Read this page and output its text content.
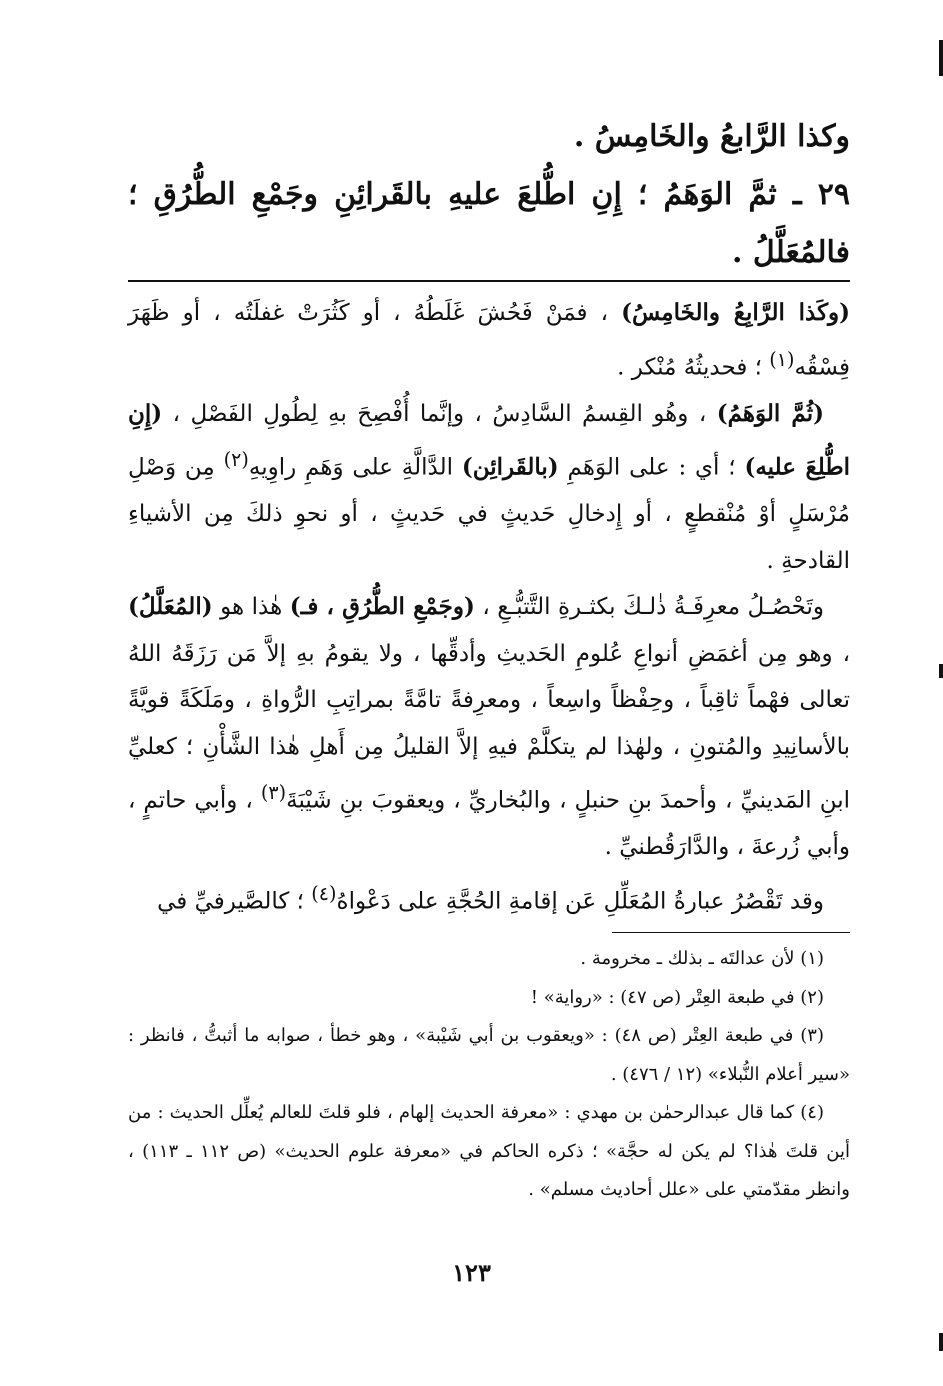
وكذا الرَّابعُ والخَامِسُ .

٢٩ ـ ثمَّ الوَهَمُ ؛ إِنِ اطُّلعَ عليهِ بالقَرائِنِ وجَمْعِ الطُّرُقِ ؛ فالمُعَلَّلُ .

(وكَذا الرَّابِعُ والخَامِسُ) ، فمَنْ فَحُشَ غَلَطُهُ ، أو كَثُرَتْ غفلَتُه ، أو ظَهَرَ فِسْقُه$^{(١)}$ ؛ فحديثُهُ مُنْكر .

(ثُمَّ الوَهَمُ) ، وهُو القِسمُ السَّادِسُ ، وإنَّما أُفْصِحَ بهِ لِطُولِ الفَصْلِ ، (إِنِ اطُّلِعَ عليه) ؛ أي : على الوَهَمِ (بالقَرائِن) الدَّالَّةِ على وَهَمِ راوِيهِ$^{(٢)}$ مِن وَصْلِ مُرْسَلٍ أوْ مُنْقطعٍ ، أو إِدخالِ حَديثٍ في حَديثٍ ، أو نحوِ ذلكَ مِن الأشياءِ القادحةِ .

وتَحْصُـلُ معرِفَـةُ ذٰلـكَ بكثـرةِ التَّتبُّـعِ ، (وجَمْعِ الطُّرُقِ ، فـ) هٰذا هو (المُعَلَّلُ) ، وهو مِن أغمَضِ أنواعِ عُلومِ الحَديثِ وأدقِّها ، ولا يقومُ بهِ إلاَّ مَن رَزَقَهُ اللهُ تعالى فهْماً ثاقِباً ، وحِفْظاً واسِعاً ، ومعرِفةً تامَّةً بمراتِبِ الرُّواةِ ، ومَلَكَةً قويَّةً بالأسانِيدِ والمُتونِ ، ولهٰذا لم يتكلَّمْ فيهِ إلاَّ القليلُ مِن أَهلِ هٰذا الشَّأْنِ ؛ كعليِّ ابنِ المَدينيِّ ، وأحمدَ بنِ حنبلٍ ، والبُخاريِّ ، ويعقوبَ بنِ شَيْبَةَ$^{(٣)}$ ، وأبي حاتمٍ ، وأبي زُرعةَ ، والدَّارَقُطنيِّ .

وقد تَقْصُرُ عبارةُ المُعَلِّلِ عَن إقامةِ الحُجَّةِ على دَعْواهُ$^{(٤)}$ ؛ كالصَّيرفيِّ في

(١) لأن عدالتَه ـ بذلك ـ مخرومة .

(٢) في طبعة العِتْر (ص ٤٧) : «رواية» !

(٣) في طبعة العِتْر (ص ٤٨) : «ويعقوب بن أبي شَيْبة» ، وهو خطأ ، صوابه ما أثبتُّ ، فانظر : «سير أعلام النُّبلاء» (١٢ / ٤٧٦) .

(٤) كما قال عبدالرحمٰن بن مهدي : «معرفة الحديث إلهام ، فلو قلتَ للعالم يُعلِّل الحديث : من أين قلتَ هٰذا؟ لم يكن له حجَّة» ؛ ذكره الحاكم في «معرفة علوم الحديث» (ص ١١٢ ـ ١١٣) ، وانظر مقدّمتي على «علل أحاديث مسلم» .

١٢٣
